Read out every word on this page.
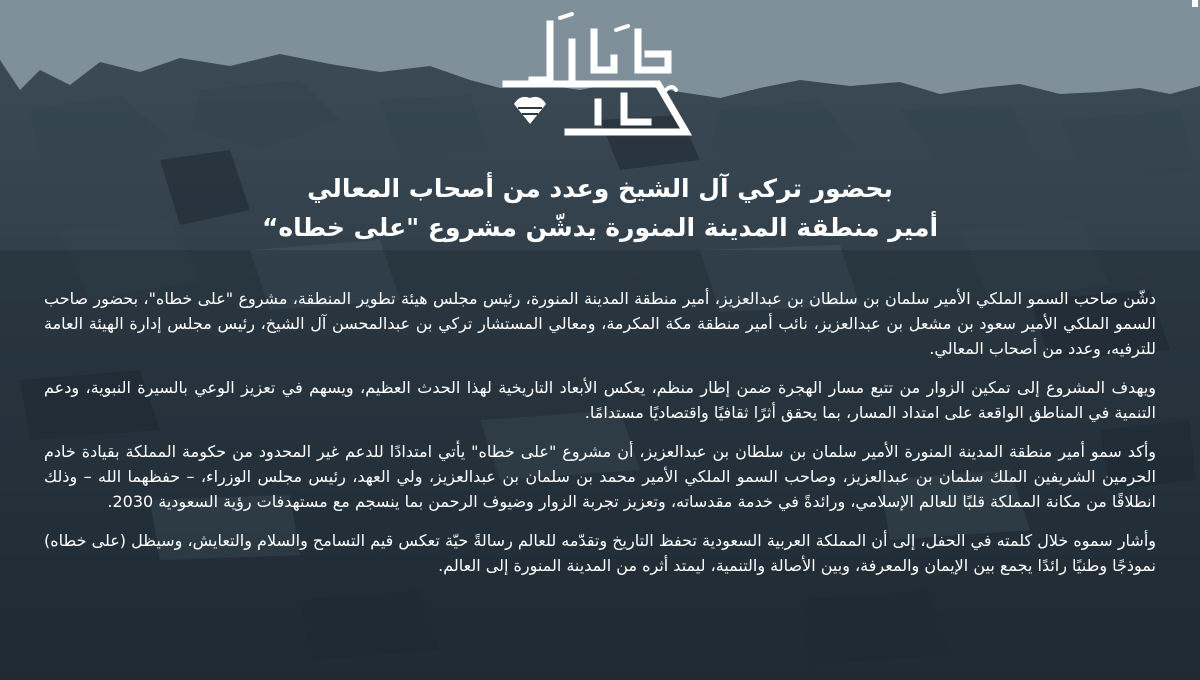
بحضور تركي آل الشيخ وعدد من أصحاب المعالي
أمير منطقة المدينة المنورة يدشّن مشروع "على خطاه“

دشّن صاحب السمو الملكي الأمير سلمان بن سلطان بن عبدالعزيز، أمير منطقة المدينة المنورة، رئيس مجلس هيئة تطوير المنطقة، مشروع "على خطاه"، بحضور صاحب السمو الملكي الأمير سعود بن مشعل بن عبدالعزيز، نائب أمير منطقة مكة المكرمة، ومعالي المستشار تركي بن عبدالمحسن آل الشيخ، رئيس مجلس إدارة الهيئة العامة للترفيه، وعدد من أصحاب المعالي.

ويهدف المشروع إلى تمكين الزوار من تتبع مسار الهجرة ضمن إطار منظم، يعكس الأبعاد التاريخية لهذا الحدث العظيم، ويسهم في تعزيز الوعي بالسيرة النبوية، ودعم التنمية في المناطق الواقعة على امتداد المسار، بما يحقق أثرًا ثقافيًا واقتصاديًا مستدامًا.

وأكد سمو أمير منطقة المدينة المنورة الأمير سلمان بن سلطان بن عبدالعزيز، أن مشروع "على خطاه" يأتي امتدادًا للدعم غير المحدود من حكومة المملكة بقيادة خادم الحرمين الشريفين الملك سلمان بن عبدالعزيز، وصاحب السمو الملكي الأمير محمد بن سلمان بن عبدالعزيز، ولي العهد، رئيس مجلس الوزراء، – حفظهما الله – وذلك انطلاقًا من مكانة المملكة قلبًا للعالم الإسلامي، ورائدةً في خدمة مقدساته، وتعزيز تجربة الزوار وضيوف الرحمن بما ينسجم مع مستهدفات رؤية السعودية 2030.

وأشار سموه خلال كلمته في الحفل، إلى أن المملكة العربية السعودية تحفظ التاريخ وتقدّمه للعالم رسالةً حيّة تعكس قيم التسامح والسلام والتعايش، وسيظل (على خطاه) نموذجًا وطنيًا رائدًا يجمع بين الإيمان والمعرفة، وبين الأصالة والتنمية، ليمتد أثره من المدينة المنورة إلى العالم.
